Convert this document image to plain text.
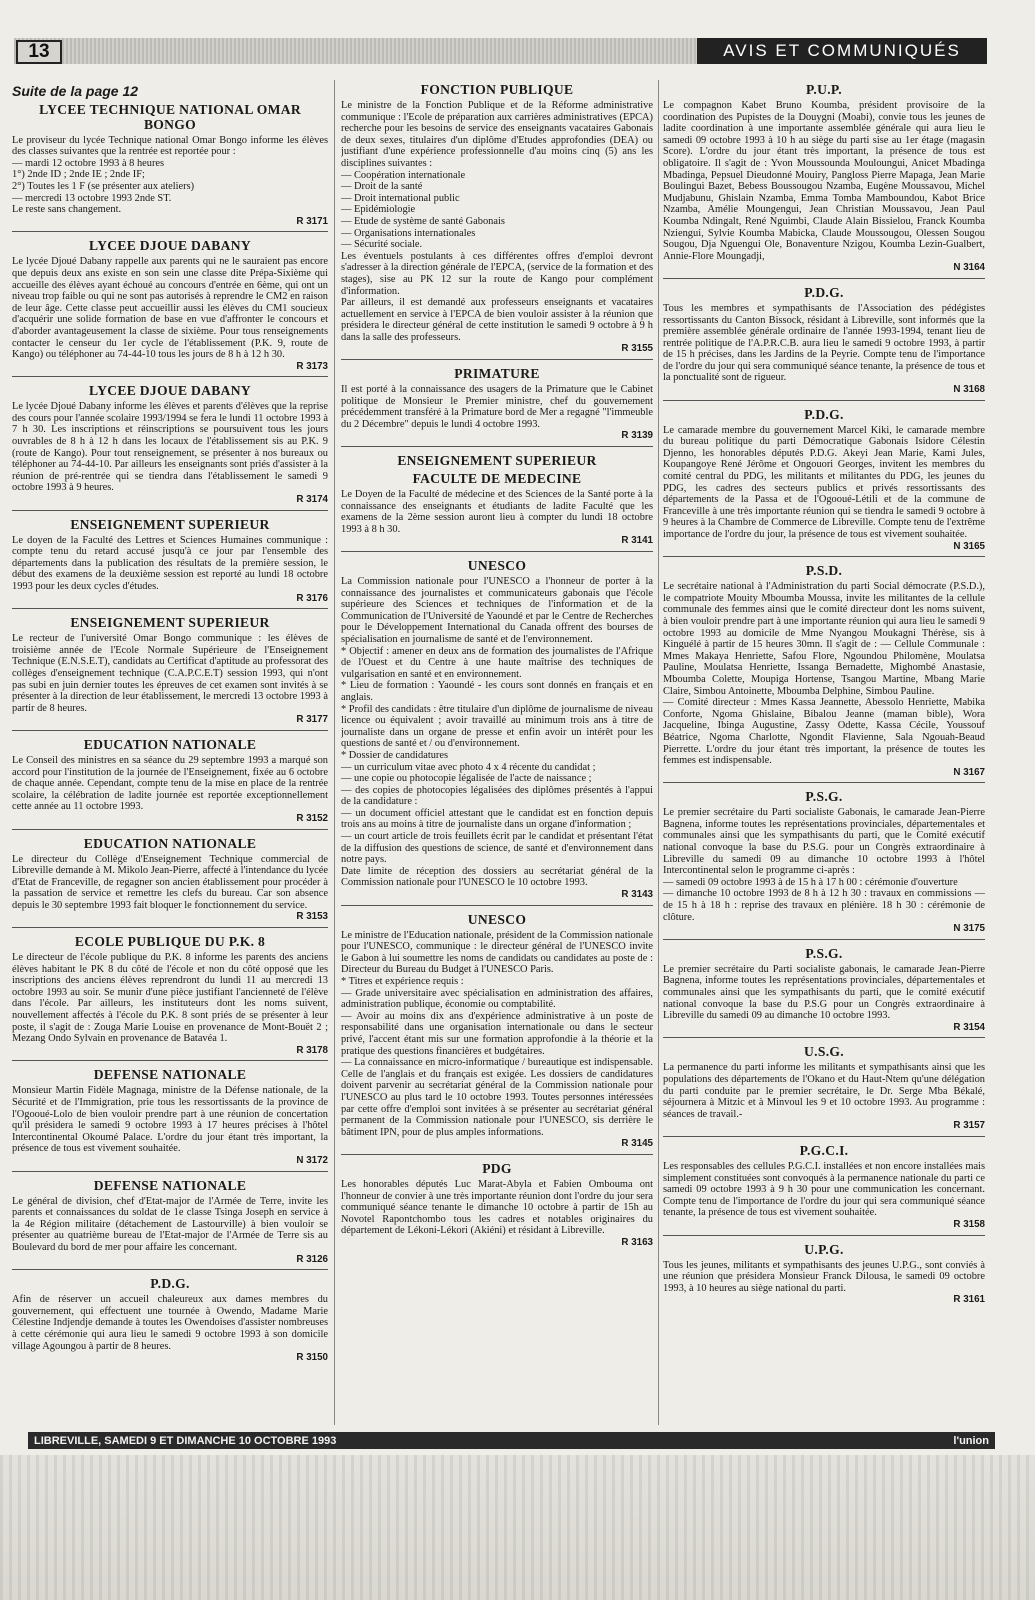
13	AVIS ET COMMUNIQUÉS
Suite de la page 12
LYCEE TECHNIQUE NATIONAL OMAR BONGO

Le proviseur du lycée Technique national Omar Bongo informe les élèves des classes suivantes que la rentrée est reportée pour :

— mardi 12 octobre 1993 à 8 heures

1°) 2nde ID ; 2nde IE ; 2nde IF;

2°) Toutes les 1 F (se présenter aux ateliers)

— mercredi 13 octobre 1993 2nde ST.

Le reste sans changement.

R 3171
LYCEE DJOUE DABANY

Le lycée Djoué Dabany rappelle aux parents qui ne le sauraient pas encore que depuis deux ans existe en son sein une classe dite Prépa-Sixième qui accueille des élèves ayant échoué au concours d'entrée en 6ème, qui ont un niveau trop faible ou qui ne sont pas autorisés à reprendre le CM2 en raison de leur âge. Cette classe peut accueillir aussi les élèves du CM1 soucieux d'acquérir une solide formation de base en vue d'affronter le concours et d'aborder avantageusement la classe de sixième. Pour tous renseignements contacter le censeur du 1er cycle de l'établissement (P.K. 9, route de Kango) ou téléphoner au 74-44-10 tous les jours de 8 h à 12 h 30.

R 3173
LYCEE DJOUE DABANY

Le lycée Djoué Dabany informe les élèves et parents d'élèves que la reprise des cours pour l'année scolaire 1993/1994 se fera le lundi 11 octobre 1993 à 7 h 30. Les inscriptions et réinscriptions se poursuivent tous les jours ouvrables de 8 h à 12 h dans les locaux de l'établissement sis au P.K. 9 (route de Kango). Pour tout renseignement, se présenter à nos bureaux ou téléphoner au 74-44-10. Par ailleurs les enseignants sont priés d'assister à la réunion de pré-rentrée qui se tiendra dans l'établissement le samedi 9 octobre 1993 à 9 heures.

R 3174
ENSEIGNEMENT SUPERIEUR

Le doyen de la Faculté des Lettres et Sciences Humaines communique : compte tenu du retard accusé jusqu'à ce jour par l'ensemble des départements dans la publication des résultats de la première session, le début des examens de la deuxième session est reporté au lundi 18 octobre 1993 pour les deux cycles d'études.

R 3176
ENSEIGNEMENT SUPERIEUR

Le recteur de l'université Omar Bongo communique : les élèves de troisième année de l'Ecole Normale Supérieure de l'Enseignement Technique (E.N.S.E.T), candidats au Certificat d'aptitude au professorat des collèges d'enseignement technique (C.A.P.C.E.T) session 1993, qui n'ont pas subi en juin dernier toutes les épreuves de cet examen sont invités à se présenter à la direction de leur établissement, le mercredi 13 octobre 1993 à partir de 8 heures.

R 3177
EDUCATION NATIONALE

Le Conseil des ministres en sa séance du 29 septembre 1993 a marqué son accord pour l'institution de la journée de l'Enseignement, fixée au 6 octobre de chaque année. Cependant, compte tenu de la mise en place de la rentrée scolaire, la célébration de ladite journée est reportée exceptionnellement cette année au 11 octobre 1993.

R 3152
EDUCATION NATIONALE

Le directeur du Collège d'Enseignement Technique commercial de Libreville demande à M. Mikolo Jean-Pierre, affecté à l'intendance du lycée d'Etat de Franceville, de regagner son ancien établissement pour procéder à la passation de service et remettre les clefs du bureau. Car son absence depuis le 30 septembre 1993 fait bloquer le fonctionnement du service.

R 3153
ECOLE PUBLIQUE DU P.K. 8

Le directeur de l'école publique du P.K. 8 informe les parents des anciens élèves habitant le PK 8 du côté de l'école et non du côté opposé que les inscriptions des anciens élèves reprendront du lundi 11 au mercredi 13 octobre 1993 au soir. Se munir d'une pièce justifiant l'ancienneté de l'élève dans l'école. Par ailleurs, les instituteurs dont les noms suivent, nouvellement affectés à l'école du P.K. 8 sont priés de se présenter à leur poste, il s'agit de : Zouga Marie Louise en provenance de Mont-Bouët 2 ; Mezang Ondo Sylvain en provenance de Batavéa 1.

R 3178
DEFENSE NATIONALE

Monsieur Martin Fidèle Magnaga, ministre de la Défense nationale, de la Sécurité et de l'Immigration, prie tous les ressortissants de la province de l'Ogooué-Lolo de bien vouloir prendre part à une réunion de concertation qu'il présidera le samedi 9 octobre 1993 à 17 heures précises à l'hôtel Intercontinental Okoumé Palace. L'ordre du jour étant très important, la présence de tous est vivement souhaitée.

N 3172
DEFENSE NATIONALE

Le général de division, chef d'Etat-major de l'Armée de Terre, invite les parents et connaissances du soldat de 1e classe Tsinga Joseph en service à la 4e Région militaire (détachement de Lastourville) à bien vouloir se présenter au quatrième bureau de l'Etat-major de l'Armée de Terre sis au Boulevard du bord de mer pour affaire les concernant.

R 3126
P.D.G.

Afin de réserver un accueil chaleureux aux dames membres du gouvernement, qui effectuent une tournée à Owendo, Madame Marie Célestine Indjendje demande à toutes les Owendoises d'assister nombreuses à cette cérémonie qui aura lieu le samedi 9 octobre 1993 à son domicile village Agoungou à partir de 8 heures.

R 3150
FONCTION PUBLIQUE

Le ministre de la Fonction Publique et de la Réforme administrative communique : l'Ecole de préparation aux carrières administratives (EPCA) recherche pour les besoins de service des enseignants vacataires Gabonais de deux sexes, titulaires d'un diplôme d'Etudes approfondies (DEA) ou justifiant d'une expérience professionnelle d'au moins cinq (5) ans les disciplines suivantes :

— Coopération internationale

— Droit de la santé

— Droit international public

— Epidémiologie

— Etude de système de santé Gabonais

— Organisations internationales

— Sécurité sociale.

Les éventuels postulants à ces différentes offres d'emploi devront s'adresser à la direction générale de l'EPCA, (service de la formation et des stages), sise au PK 12 sur la route de Kango pour complément d'information.

Par ailleurs, il est demandé aux professeurs enseignants et vacataires actuellement en service à l'EPCA de bien vouloir assister à la réunion que présidera le directeur général de cette institution le samedi 9 octobre à 9 h dans la salle des professeurs.

R 3155
PRIMATURE

Il est porté à la connaissance des usagers de la Primature que le Cabinet politique de Monsieur le Premier ministre, chef du gouvernement précédemment transféré à la Primature bord de Mer a regagné "l'immeuble du 2 Décembre" depuis le lundi 4 octobre 1993.

R 3139
ENSEIGNEMENT SUPERIEUR
FACULTE DE MEDECINE

Le Doyen de la Faculté de médecine et des Sciences de la Santé porte à la connaissance des enseignants et étudiants de ladite Faculté que les examens de la 2ème session auront lieu à compter du lundi 18 octobre 1993 à 8 h 30.

R 3141
UNESCO

La Commission nationale pour l'UNESCO a l'honneur de porter à la connaissance des journalistes et communicateurs gabonais que l'école supérieure des Sciences et techniques de l'information et de la Communication de l'Université de Yaoundé et par le Centre de Recherches pour le Développement International du Canada offrent des bourses de spécialisation en journalisme de santé et de l'environnement.

* Objectif : amener en deux ans de formation des journalistes de l'Afrique de l'Ouest et du Centre à une haute maîtrise des techniques de vulgarisation en santé et en environnement.

* Lieu de formation : Yaoundé - les cours sont donnés en français et en anglais.

* Profil des candidats : être titulaire d'un diplôme de journalisme de niveau licence ou équivalent ; avoir travaillé au minimum trois ans à titre de journaliste dans un organe de presse et enfin avoir un intérêt pour les questions de santé et / ou d'environnement.

* Dossier de candidatures

— un curriculum vitae avec photo 4 x 4 récente du candidat ;

— une copie ou photocopie légalisée de l'acte de naissance ;

— des copies de photocopies légalisées des diplômes présentés à l'appui de la candidature :

— un document officiel attestant que le candidat est en fonction depuis trois ans au moins à titre de journaliste dans un organe d'information ;

— un court article de trois feuillets écrit par le candidat et présentant l'état de la diffusion des questions de science, de santé et d'environnement dans notre pays.

Date limite de réception des dossiers au secrétariat général de la Commission nationale pour l'UNESCO le 10 octobre 1993.

R 3143
UNESCO

Le ministre de l'Education nationale, président de la Commission nationale pour l'UNESCO, communique : le directeur général de l'UNESCO invite le Gabon à lui soumettre les noms de candidats ou candidates au poste de : Directeur du Bureau du Budget à l'UNESCO Paris.

* Titres et expérience requis :

— Grade universitaire avec spécialisation en administration des affaires, administration publique, économie ou comptabilité.

— Avoir au moins dix ans d'expérience administrative à un poste de responsabilité dans une organisation internationale ou dans le secteur privé, l'accent étant mis sur une formation approfondie à la théorie et la pratique des questions financières et budgétaires.

— La connaissance en micro-informatique / bureautique est indispensable. Celle de l'anglais et du français est exigée. Les dossiers de candidatures doivent parvenir au secrétariat général de la Commission nationale pour l'UNESCO au plus tard le 10 octobre 1993. Toutes personnes intéressées par cette offre d'emploi sont invitées à se présenter au secrétariat général permanent de la Commission nationale pour l'UNESCO, sis derrière le bâtiment IPN, pour de plus amples informations.

R 3145
PDG

Les honorables députés Luc Marat-Abyla et Fabien Omboumа ont l'honneur de convier à une très importante réunion dont l'ordre du jour sera communiqué séance tenante le dimanche 10 octobre à partir de 15h au Novotel Rapontchombo tous les cadres et notables originaires du département de Lékoni-Lékori (Akiéni) et résidant à Libreville.

R 3163
P.U.P.

Le compagnon Kabet Bruno Koumba, président provisoire de la coordination des Pupistes de la Douygni (Moabi), convie tous les jeunes de ladite coordination à une importante assemblée générale qui aura lieu le samedi 09 octobre 1993 à 10 h au siège du parti sise au 1er étage (magasin Score). L'ordre du jour étant très important, la présence de tous est obligatoire. Il s'agit de : Yvon Moussounda Mouloungui, Anicet Mbadinga Mbadinga, Pepsuel Dieudonné Mouiry, Pangloss Pierre Mapaga, Jean Marie Boulingui Bazet, Bebess Boussougou Nzamba, Eugène Moussavou, Michel Mudjabunu, Ghislain Nzamba, Emma Tomba Mamboundou, Kabot Brice Nzamba, Amélie Moungengui, Jean Christian Moussavou, Jean Paul Koumba Ndingalt, René Nguimbi, Claude Alain Bissielou, Franck Koumba Nziengui, Sylvie Koumba Mabicka, Claude Moussougou, Olessen Sougou Sougou, Dja Nguengui Ole, Bonaventure Nzigou, Koumba Lezin-Gualbert, Annie-Flore Moungadji,

N 3164
P.D.G.

Tous les membres et sympathisants de l'Association des pédégistes ressortissants du Canton Bissock, résidant à Libreville, sont informés que la première assemblée générale ordinaire de l'année 1993-1994, tenant lieu de rentrée politique de l'A.P.R.C.B. aura lieu le samedi 9 octobre 1993, à partir de 15 h précises, dans les Jardins de la Peyrie. Compte tenu de l'importance de l'ordre du jour qui sera communiqué séance tenante, la présence de tous et la ponctualité sont de rigueur.

N 3168
P.D.G.

Le camarade membre du gouvernement Marcel Kiki, le camarade membre du bureau politique du parti Démocratique Gabonais Isidore Célestin Djenno, les honorables députés P.D.G. Akeyi Jean Marie, Kami Jules, Koupangoye René Jérôme et Ongouori Georges, invitent les membres du comité central du PDG, les militants et militantes du PDG, les jeunes du PDG, les cadres des secteurs publics et privés ressortissants des départements de la Passa et de l'Ogooué-Létili et de la commune de Franceville à une très importante réunion qui se tiendra le samedi 9 octobre à 9 heures à la Chambre de Commerce de Libreville. Compte tenu de l'extrême importance de l'ordre du jour, la présence de tous est vivement souhaitée.

N 3165
P.S.D.

Le secrétaire national à l'Administration du parti Social démocrate (P.S.D.), le compatriote Mouity Mboumba Moussa, invite les militantes de la cellule communale des femmes ainsi que le comité directeur dont les noms suivent, à bien vouloir prendre part à une importante réunion qui aura lieu le samedi 9 octobre 1993 au domicile de Mme Nyangou Moukagni Thérèse, sis à Kinguélé à partir de 15 heures 30mn. Il s'agit de : — Cellule Communale : Mmes Makaya Henriette, Safou Flore, Ngoundou Philomène, Moulatsa Pauline, Moulatsa Henriette, Issanga Bernadette, Mighombé Anastasie, Mboumba Colette, Moupiga Hortense, Tsangou Martine, Mbang Marie Claire, Simbou Antoinette, Mboumba Delphine, Simbou Pauline.

— Comité directeur : Mmes Kassa Jeannette, Abessolo Henriette, Mabika Conforte, Ngoma Ghislaine, Bibalou Jeanne (maman bible), Wora Jacqueline, Ibinga Augustine, Zassy Odette, Kassa Cécile, Youssouf Béatrice, Ngoma Charlotte, Ngondit Flavienne, Sala Ngouah-Beaud Pierrette. L'ordre du jour étant très important, la présence de toutes les femmes est indispensable.

N 3167
P.S.G.

Le premier secrétaire du Parti socialiste Gabonais, le camarade Jean-Pierre Bagnena, informe toutes les représentations provinciales, départementales et communales ainsi que les sympathisants du parti, que le Comité exécutif national convoque la base du P.S.G. pour un Congrès extraordinaire à Libreville du samedi 09 au dimanche 10 octobre 1993 à l'hôtel Intercontinental selon le programme ci-après :

— samedi 09 octobre 1993 à de 15 h à 17 h 00 : cérémonie d'ouverture

— dimanche 10 octobre 1993 de 8 h à 12 h 30 : travaux en commissions — de 15 h à 18 h : reprise des travaux en plénière. 18 h 30 : cérémonie de clôture.

N 3175
P.S.G.

Le premier secrétaire du Parti socialiste gabonais, le camarade Jean-Pierre Bagnena, informe toutes les représentations provinciales, départementales et communales ainsi que les sympathisants du parti, que le comité exécutif national convoque la base du P.S.G pour un Congrès extraordinaire à Libreville du samedi 09 au dimanche 10 octobre 1993.

R 3154
U.S.G.

La permanence du parti informe les militants et sympathisants ainsi que les populations des départements de l'Okano et du Haut-Ntem qu'une délégation du parti conduite par le premier secrétaire, le Dr. Serge Mba Békalé, séjournera à Mitzic et à Minvoul les 9 et 10 octobre 1993. Au programme : séances de travail.-

R 3157
P.G.C.I.

Les responsables des cellules P.G.C.I. installées et non encore installées mais simplement constituées sont convoqués à la permanence nationale du parti ce samedi 09 octobre 1993 à 9 h 30 pour une communication les concernant. Compte tenu de l'importance de l'ordre du jour qui sera communiqué séance tenante, la présence de tous est vivement souhaitée.

R 3158
U.P.G.

Tous les jeunes, militants et sympathisants des jeunes U.P.G., sont conviés à une réunion que présidera Monsieur Franck Dilousa, le samedi 09 octobre 1993, à 10 heures au siège national du parti.

R 3161
LIBREVILLE, SAMEDI 9 ET DIMANCHE 10 OCTOBRE 1993	l'union
